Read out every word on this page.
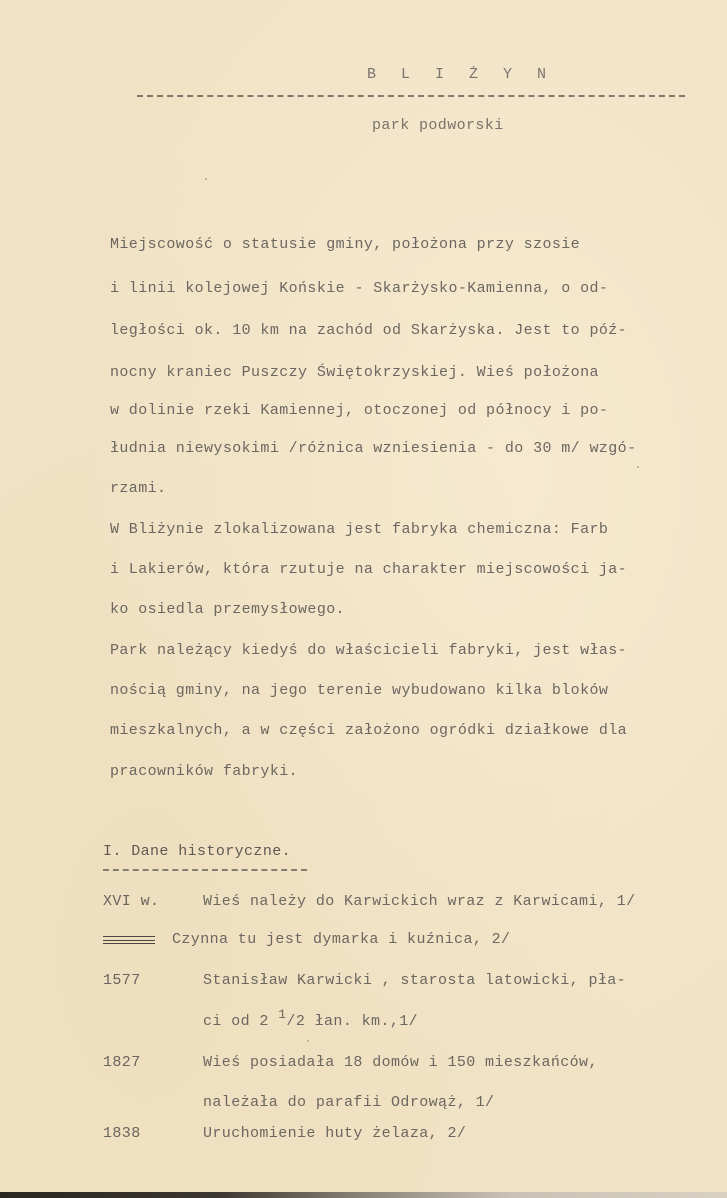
B L I Ż Y N
park podworski
Miejscowość o statusie gminy, położona przy szosie
i linii kolejowej Końskie - Skarżysko-Kamienna, o od-
ległości ok. 10 km na zachód od Skarżyska. Jest to póź-
nocny kraniec Puszczy Świętokrzyskiej. Wieś położona
w dolinie rzeki Kamiennej, otoczonej od północy i po-
łudnia niewysokimi /różnica wzniesienia - do 30 m/ wzgó-
rzami.
W Bliżynie zlokalizowana jest fabryka chemiczna: Farb
i Lakierów, która rzutuje na charakter miejscowości ja-
ko osiedla przemysłowego.
Park należący kiedyś do właścicieli fabryki, jest włas-
nością gminy, na jego terenie wybudowano kilka bloków
mieszkalnych, a w części założono ogródki działkowe dla
pracowników fabryki.
I. Dane historyczne.
XVI w.	Wieś należy do Karwickich wraz z Karwicami, 1/
Czynna tu jest dymarka i kuźnica, 2/
1577	Stanisław Karwicki , starosta latowicki, pła-
ci od 2 1/2 łan. km.,1/
1827	Wieś posiadała 18 domów i 150 mieszkańców,
należała do parafii Odrowąż, 1/
1838	Uruchomienie huty żelaza, 2/
